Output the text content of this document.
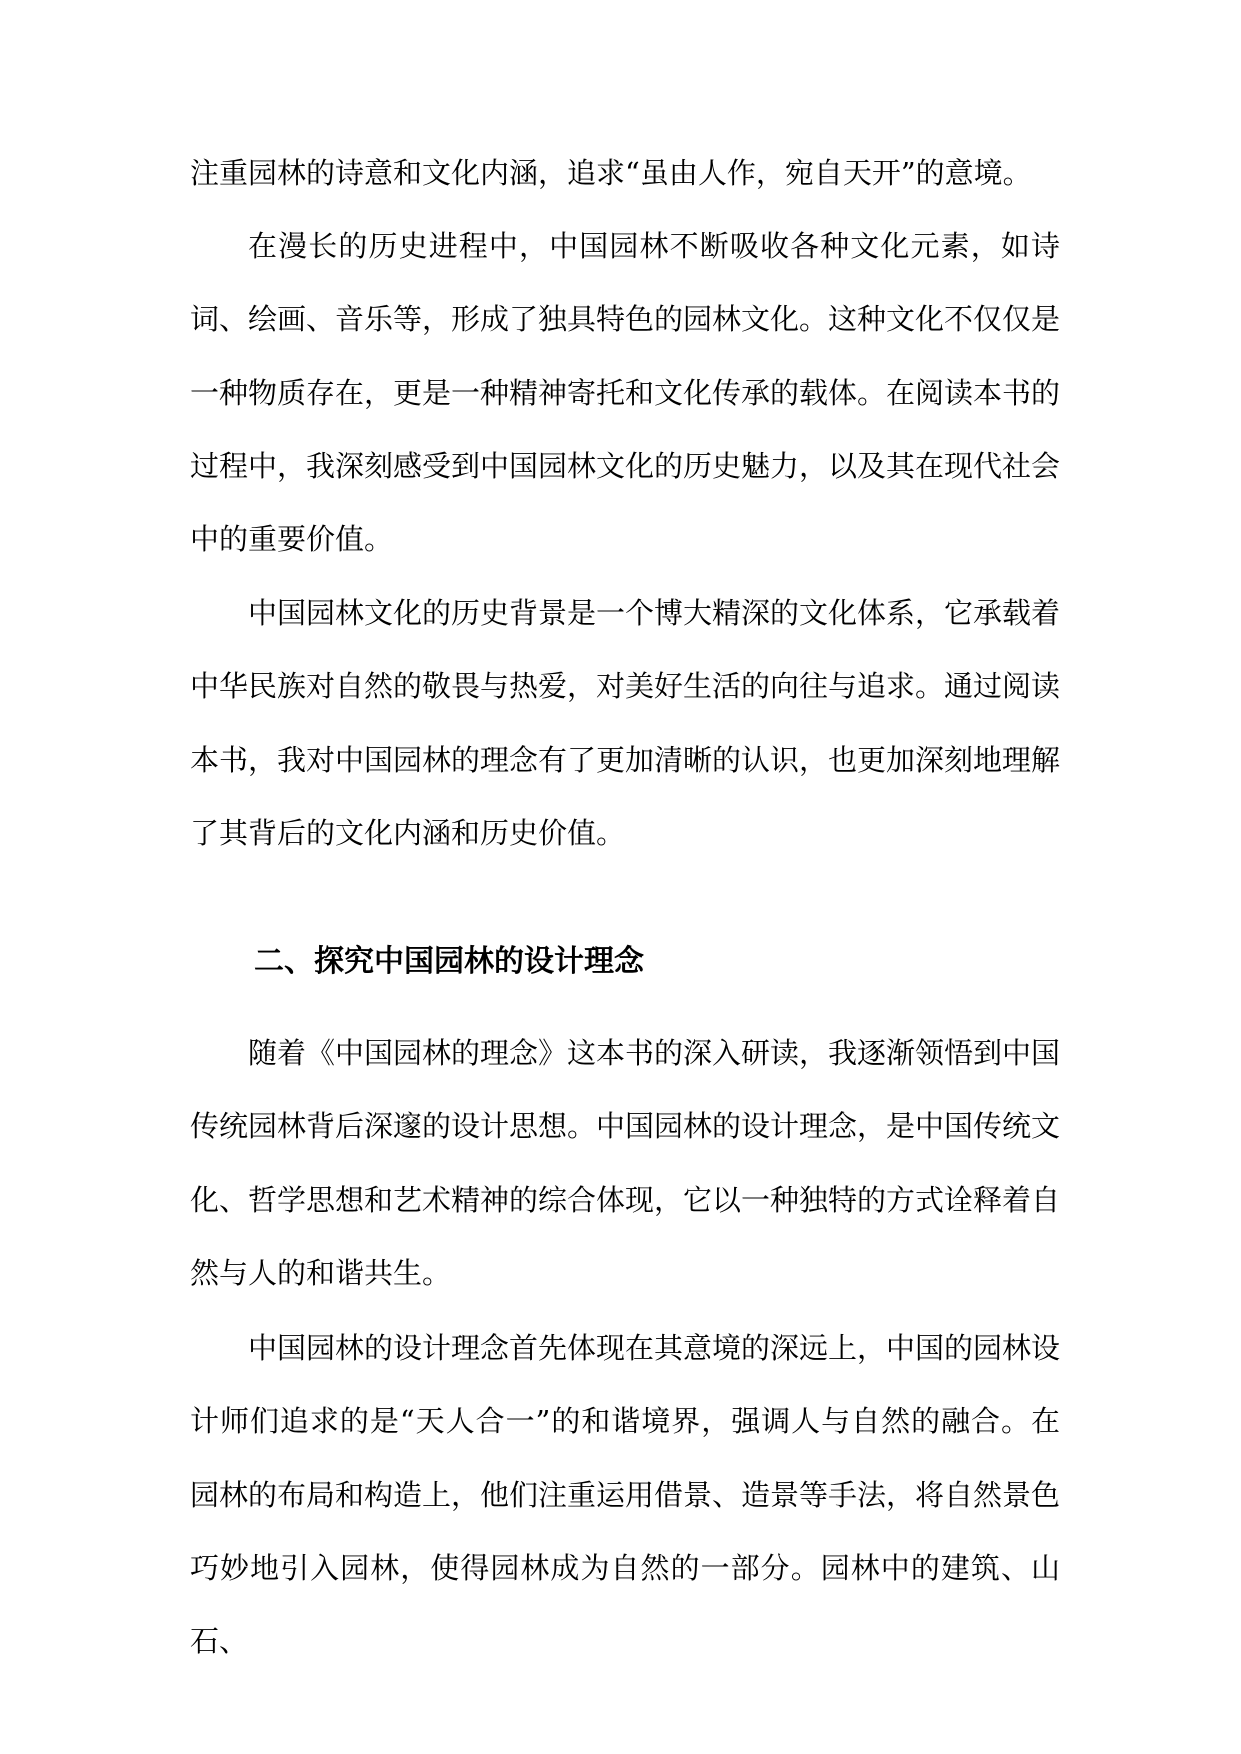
注重园林的诗意和文化内涵，追求“虽由人作，宛自天开”的意境。

在漫长的历史进程中，中国园林不断吸收各种文化元素，如诗词、绘画、音乐等，形成了独具特色的园林文化。这种文化不仅仅是一种物质存在，更是一种精神寄托和文化传承的载体。在阅读本书的过程中，我深刻感受到中国园林文化的历史魅力，以及其在现代社会中的重要价值。

中国园林文化的历史背景是一个博大精深的文化体系，它承载着中华民族对自然的敬畏与热爱，对美好生活的向往与追求。通过阅读本书，我对中国园林的理念有了更加清晰的认识，也更加深刻地理解了其背后的文化内涵和历史价值。

二、探究中国园林的设计理念

随着《中国园林的理念》这本书的深入研读，我逐渐领悟到中国传统园林背后深邃的设计思想。中国园林的设计理念，是中国传统文化、哲学思想和艺术精神的综合体现，它以一种独特的方式诠释着自然与人的和谐共生。

中国园林的设计理念首先体现在其意境的深远上，中国的园林设计师们追求的是“天人合一”的和谐境界，强调人与自然的融合。在园林的布局和构造上，他们注重运用借景、造景等手法，将自然景色巧妙地引入园林，使得园林成为自然的一部分。园林中的建筑、山石、
